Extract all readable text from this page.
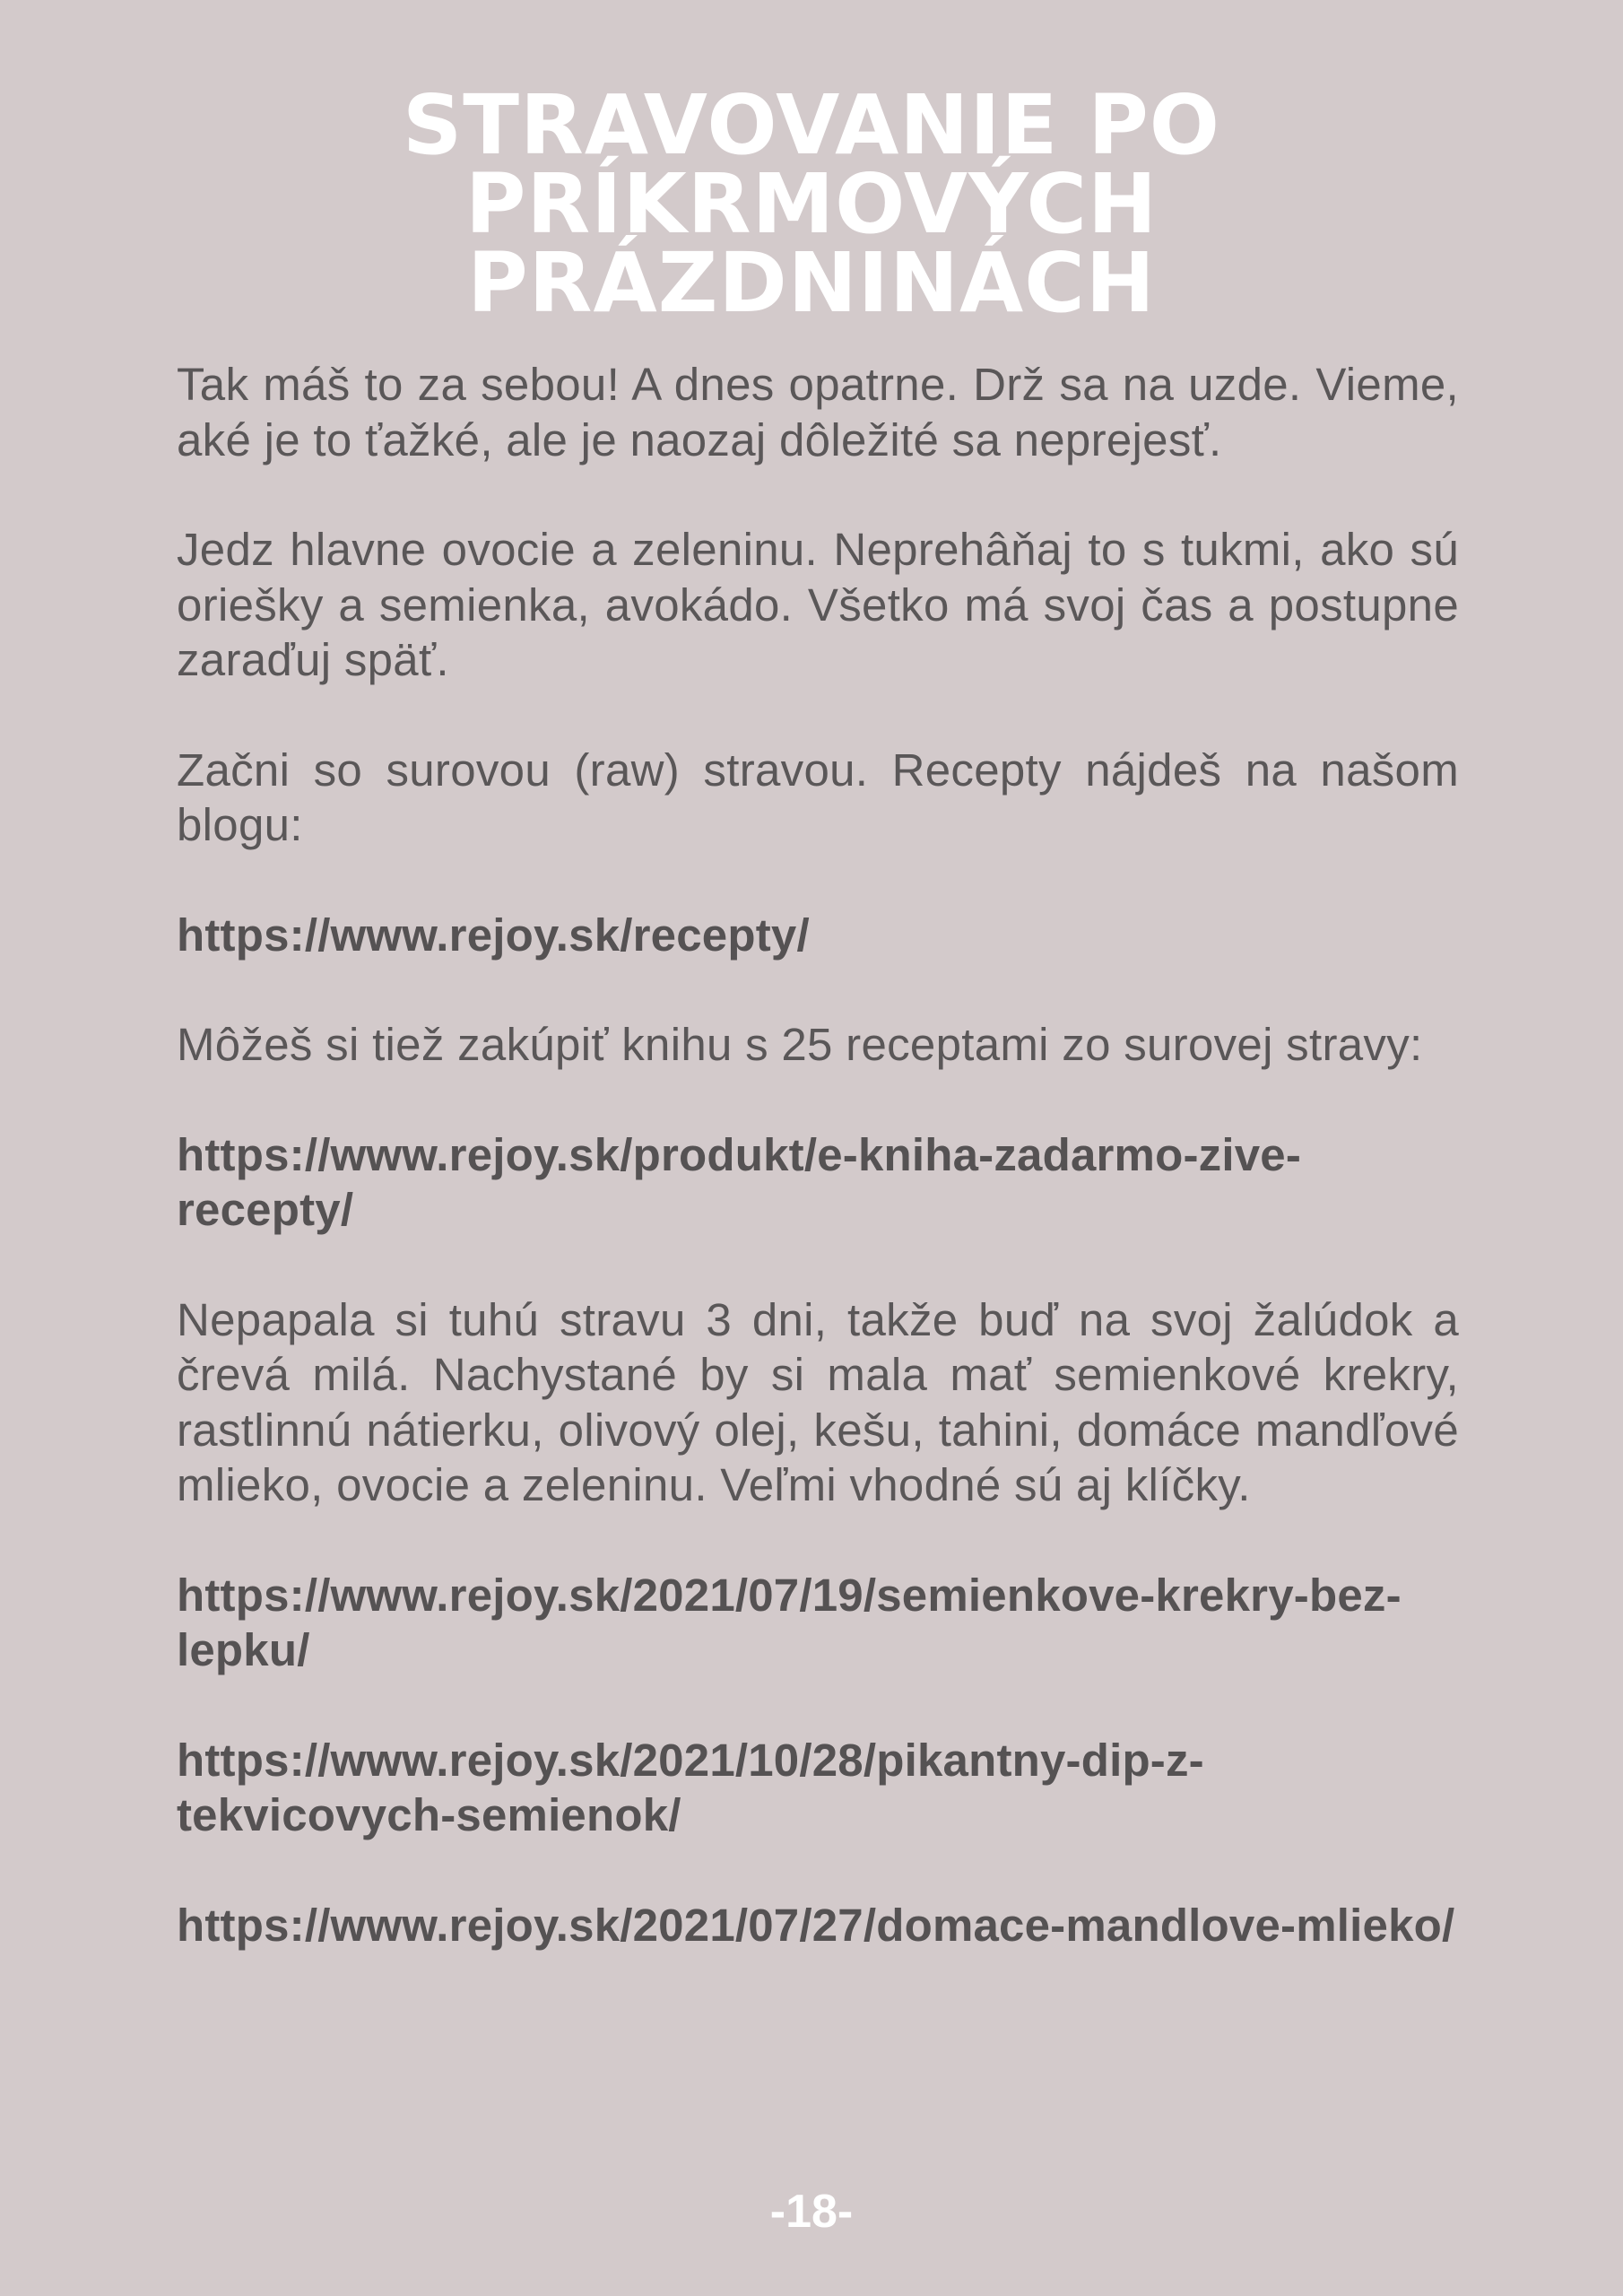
STRAVOVANIE PO
PRÍKRMOVÝCH
PRÁZDNINÁCH

Tak máš to za sebou! A dnes opatrne. Drž sa na uzde. Vieme, aké je to ťažké, ale je naozaj dôležité sa neprejesť.

Jedz hlavne ovocie a zeleninu. Neprehâňaj to s tukmi, ako sú oriešky a semienka, avokádo. Všetko má svoj čas a postupne zaraďuj späť.

Začni so surovou (raw) stravou. Recepty nájdeš na našom blogu:

https://www.rejoy.sk/recepty/

Môžeš si tiež zakúpiť knihu s 25 receptami zo surovej stravy:

https://www.rejoy.sk/produkt/e-kniha-zadarmo-zive-recepty/

Nepapala si tuhú stravu 3 dni, takže buď na svoj žalúdok a črevá milá. Nachystané by si mala mať semienkové krekry, rastlinnú nátierku, olivový olej, kešu, tahini, domáce mandľové mlieko, ovocie a zeleninu. Veľmi vhodné sú aj klíčky.

https://www.rejoy.sk/2021/07/19/semienkove-krekry-bez-lepku/
https://www.rejoy.sk/2021/10/28/pikantny-dip-z-tekvicovych-semienok/
https://www.rejoy.sk/2021/07/27/domace-mandlove-mlieko/
-18-
